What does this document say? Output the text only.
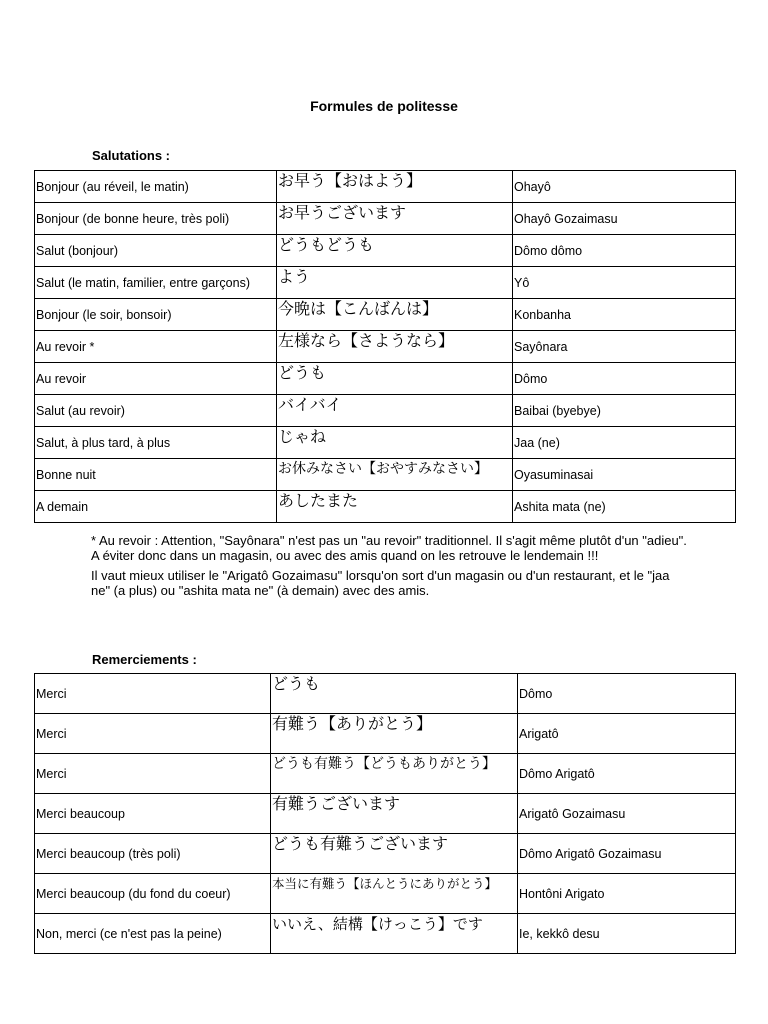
Formules de politesse
Salutations :
Bonjour (au réveil, le matin)	お早う【おはよう】	Ohayô
Bonjour (de bonne heure, très poli)	お早うございます	Ohayô Gozaimasu
Salut (bonjour)	どうもどうも	Dômo dômo
Salut (le matin, familier, entre garçons)	よう	Yô
Bonjour (le soir, bonsoir)	今晩は【こんばんは】	Konbanha
Au revoir *	左様なら【さようなら】	Sayônara
Au revoir	どうも	Dômo
Salut (au revoir)	バイバイ	Baibai (byebye)
Salut, à plus tard, à plus	じゃね	Jaa (ne)
Bonne nuit	お休みなさい【おやすみなさい】	Oyasuminasai
A demain	あしたまた	Ashita mata (ne)

* Au revoir : Attention, "Sayônara" n'est pas un "au revoir" traditionnel. Il s'agit même plutôt d'un "adieu". A éviter donc dans un magasin, ou avec des amis quand on les retrouve le lendemain !!!

Il vaut mieux utiliser le "Arigatô Gozaimasu" lorsqu'on sort d'un magasin ou d'un restaurant, et le "jaa ne" (a plus) ou "ashita mata ne" (à demain) avec des amis.

Remerciements :
Merci	どうも	Dômo
Merci	有難う【ありがとう】	Arigatô
Merci	どうも有難う【どうもありがとう】	Dômo Arigatô
Merci beaucoup	有難うございます	Arigatô Gozaimasu
Merci beaucoup (très poli)	どうも有難うございます	Dômo Arigatô Gozaimasu
Merci beaucoup (du fond du coeur)	本当に有難う【ほんとうにありがとう】	Hontôni Arigato
Non, merci (ce n'est pas la peine)	いいえ、結構【けっこう】です	Ie, kekkô desu
